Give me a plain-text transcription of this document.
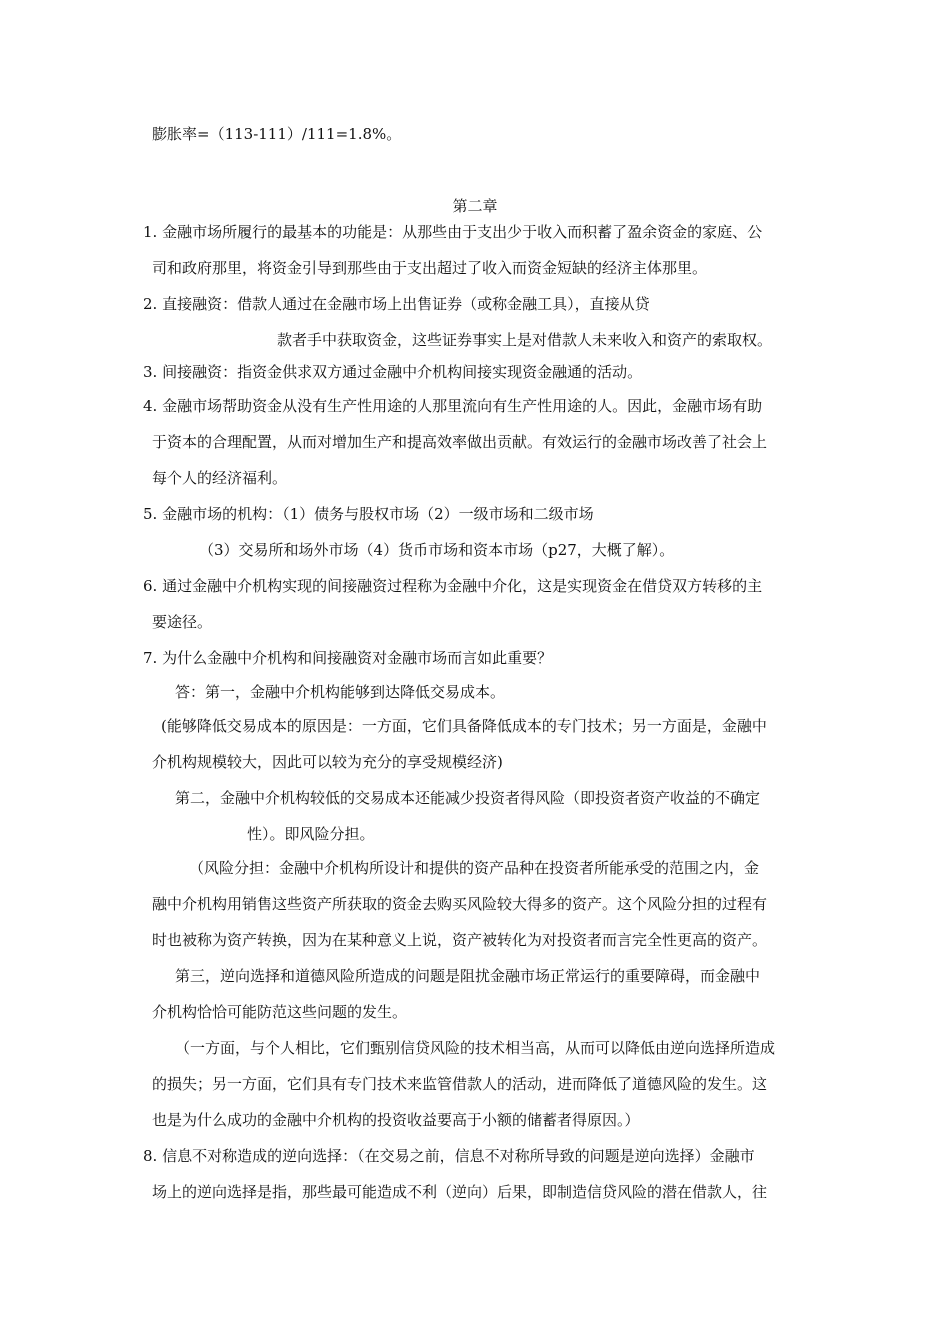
膨胀率=（113-111）/111=1.8%。
第二章
1. 金融市场所履行的最基本的功能是：从那些由于支出少于收入而积蓄了盈余资金的家庭、公
司和政府那里，将资金引导到那些由于支出超过了收入而资金短缺的经济主体那里。
2. 直接融资：借款人通过在金融市场上出售证券（或称金融工具），直接从贷
款者手中获取资金，这些证券事实上是对借款人未来收入和资产的索取权。
3. 间接融资：指资金供求双方通过金融中介机构间接实现资金融通的活动。
4. 金融市场帮助资金从没有生产性用途的人那里流向有生产性用途的人。因此，金融市场有助
于资本的合理配置，从而对增加生产和提高效率做出贡献。有效运行的金融市场改善了社会上
每个人的经济福利。
5. 金融市场的机构：（1）债务与股权市场（2）一级市场和二级市场
（3）交易所和场外市场（4）货币市场和资本市场（p27，大概了解）。
6. 通过金融中介机构实现的间接融资过程称为金融中介化，这是实现资金在借贷双方转移的主
要途径。
7. 为什么金融中介机构和间接融资对金融市场而言如此重要？
答：第一，金融中介机构能够到达降低交易成本。
(能够降低交易成本的原因是：一方面，它们具备降低成本的专门技术；另一方面是，金融中
介机构规模较大，因此可以较为充分的享受规模经济)
第二，金融中介机构较低的交易成本还能减少投资者得风险（即投资者资产收益的不确定
性）。即风险分担。
（风险分担：金融中介机构所设计和提供的资产品种在投资者所能承受的范围之内，金
融中介机构用销售这些资产所获取的资金去购买风险较大得多的资产。这个风险分担的过程有
时也被称为资产转换，因为在某种意义上说，资产被转化为对投资者而言完全性更高的资产。
第三，逆向选择和道德风险所造成的问题是阻扰金融市场正常运行的重要障碍，而金融中
介机构恰恰可能防范这些问题的发生。
（一方面，与个人相比，它们甄别信贷风险的技术相当高，从而可以降低由逆向选择所造成
的损失；另一方面，它们具有专门技术来监管借款人的活动，进而降低了道德风险的发生。这
也是为什么成功的金融中介机构的投资收益要高于小额的储蓄者得原因。）
8. 信息不对称造成的逆向选择：（在交易之前，信息不对称所导致的问题是逆向选择）金融市
场上的逆向选择是指，那些最可能造成不利（逆向）后果，即制造信贷风险的潜在借款人，往
